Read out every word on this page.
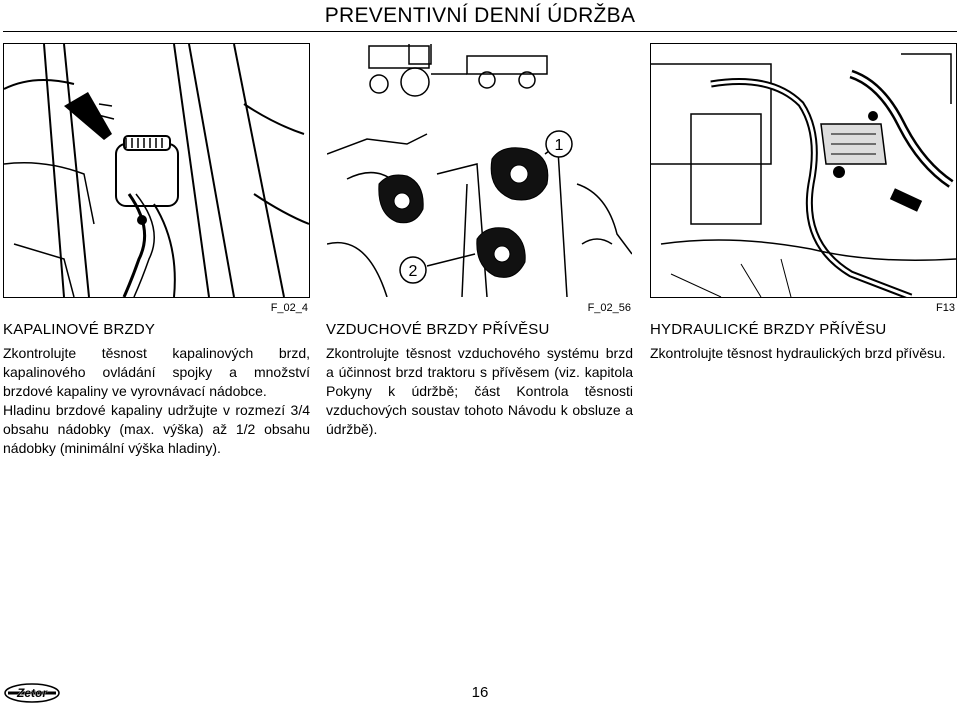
PREVENTIVNÍ DENNÍ ÚDRŽBA
F_02_4
KAPALINOVÉ BRZDY

Zkontrolujte těsnost kapalinových brzd, kapalinového ovládání spojky a množství brzdové kapaliny ve vyrovnávací nádobce.
Hladinu brzdové kapaliny udržujte v rozmezí 3/4 obsahu nádobky (max. výška) až 1/2 obsahu nádobky (minimální výška hladiny).

1
2
F_02_56
VZDUCHOVÉ BRZDY PŘÍVĚSU

Zkontrolujte těsnost vzduchového systému brzd a účinnost brzd traktoru s přívěsem (viz. kapitola Pokyny k údržbě; část Kontrola těsnosti vzduchových soustav tohoto Návodu k obsluze a údržbě).

F13
HYDRAULICKÉ BRZDY PŘÍVĚSU

Zkontrolujte těsnost hydraulických brzd přívěsu.

Zetor	16
